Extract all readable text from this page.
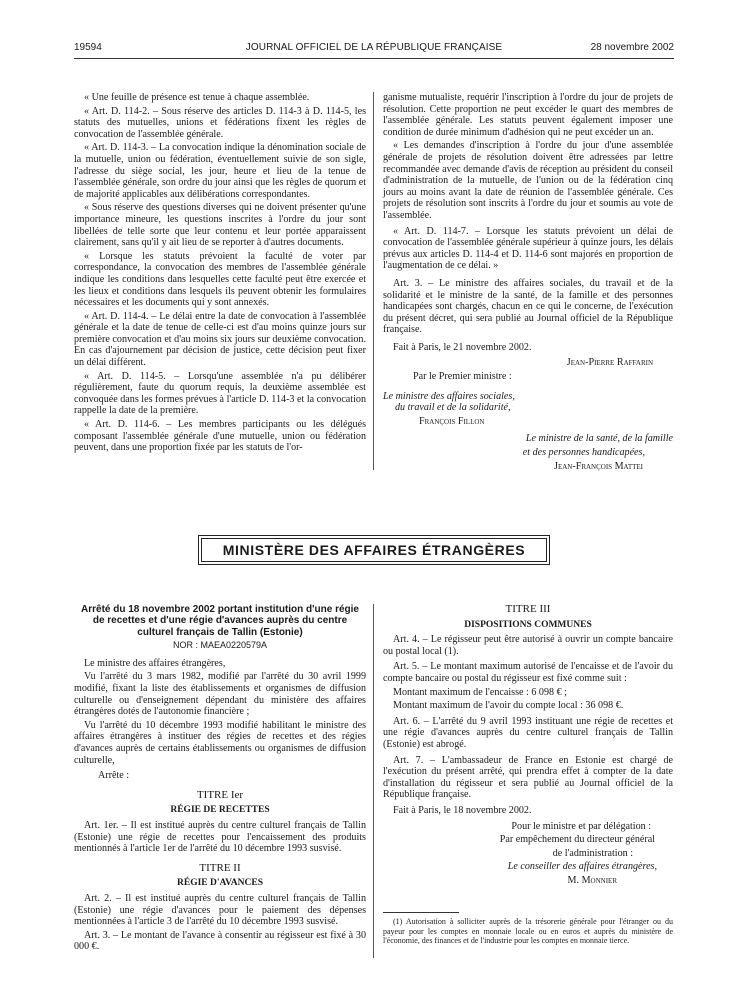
19594	JOURNAL OFFICIEL DE LA RÉPUBLIQUE FRANÇAISE	28 novembre 2002

« Une feuille de présence est tenue à chaque assemblée.

« Art. D. 114-2. – Sous réserve des articles D. 114-3 à D. 114-5, les statuts des mutuelles, unions et fédérations fixent les règles de convocation de l'assemblée générale.

« Art. D. 114-3. – La convocation indique la dénomination sociale de la mutuelle, union ou fédération, éventuellement suivie de son sigle, l'adresse du siège social, les jour, heure et lieu de la tenue de l'assemblée générale, son ordre du jour ainsi que les règles de quorum et de majorité applicables aux délibérations correspondantes.

« Sous réserve des questions diverses qui ne doivent présenter qu'une importance mineure, les questions inscrites à l'ordre du jour sont libellées de telle sorte que leur contenu et leur portée apparaissent clairement, sans qu'il y ait lieu de se reporter à d'autres documents.

« Lorsque les statuts prévoient la faculté de voter par correspondance, la convocation des membres de l'assemblée générale indique les conditions dans lesquelles cette faculté peut être exercée et les lieux et conditions dans lesquels ils peuvent obtenir les formulaires nécessaires et les documents qui y sont annexés.

« Art. D. 114-4. – Le délai entre la date de convocation à l'assemblée générale et la date de tenue de celle-ci est d'au moins quinze jours sur première convocation et d'au moins six jours sur deuxième convocation. En cas d'ajournement par décision de justice, cette décision peut fixer un délai différent.

« Art. D. 114-5. – Lorsqu'une assemblée n'a pu délibérer régulièrement, faute du quorum requis, la deuxième assemblée est convoquée dans les formes prévues à l'article D. 114-3 et la convocation rappelle la date de la première.

« Art. D. 114-6. – Les membres participants ou les délégués composant l'assemblée générale d'une mutuelle, union ou fédération peuvent, dans une proportion fixée par les statuts de l'or-

ganisme mutualiste, requérir l'inscription à l'ordre du jour de projets de résolution. Cette proportion ne peut excéder le quart des membres de l'assemblée générale. Les statuts peuvent également imposer une condition de durée minimum d'adhésion qui ne peut excéder un an.

« Les demandes d'inscription à l'ordre du jour d'une assemblée générale de projets de résolution doivent être adressées par lettre recommandée avec demande d'avis de réception au président du conseil d'administration de la mutuelle, de l'union ou de la fédération cinq jours au moins avant la date de réunion de l'assemblée générale. Ces projets de résolution sont inscrits à l'ordre du jour et soumis au vote de l'assemblée.

« Art. D. 114-7. – Lorsque les statuts prévoient un délai de convocation de l'assemblée générale supérieur à quinze jours, les délais prévus aux articles D. 114-4 et D. 114-6 sont majorés en proportion de l'augmentation de ce délai. »

Art. 3. – Le ministre des affaires sociales, du travail et de la solidarité et le ministre de la santé, de la famille et des personnes handicapées sont chargés, chacun en ce qui le concerne, de l'exécution du présent décret, qui sera publié au Journal officiel de la République française.

Fait à Paris, le 21 novembre 2002.

Jean-Pierre Raffarin

Par le Premier ministre :

Le ministre des affaires sociales,

du travail et de la solidarité,

François Fillon

Le ministre de la santé, de la famille

et des personnes handicapées,

Jean-François Mattei

MINISTÈRE DES AFFAIRES ÉTRANGÈRES

Arrêté du 18 novembre 2002 portant institution d'une régie de recettes et d'une régie d'avances auprès du centre culturel français de Tallin (Estonie)

NOR : MAEA0220579A

Le ministre des affaires étrangères,

Vu l'arrêté du 3 mars 1982, modifié par l'arrêté du 30 avril 1999 modifié, fixant la liste des établissements et organismes de diffusion culturelle ou d'enseignement dépendant du ministère des affaires étrangères dotés de l'autonomie financière ;

Vu l'arrêté du 10 décembre 1993 modifié habilitant le ministre des affaires étrangères à instituer des régies de recettes et des régies d'avances auprès de certains établissements ou organismes de diffusion culturelle,

Arrête :

TITRE Ier

RÉGIE DE RECETTES

Art. 1er. – Il est institué auprès du centre culturel français de Tallin (Estonie) une régie de recettes pour l'encaissement des produits mentionnés à l'article 1er de l'arrêté du 10 décembre 1993 susvisé.

TITRE II

RÉGIE D'AVANCES

Art. 2. – Il est institué auprès du centre culturel français de Tallin (Estonie) une régie d'avances pour le paiement des dépenses mentionnées à l'article 3 de l'arrêté du 10 décembre 1993 susvisé.

Art. 3. – Le montant de l'avance à consentir au régisseur est fixé à 30 000 €.

TITRE III

DISPOSITIONS COMMUNES

Art. 4. – Le régisseur peut être autorisé à ouvrir un compte bancaire ou postal local (1).

Art. 5. – Le montant maximum autorisé de l'encaisse et de l'avoir du compte bancaire ou postal du régisseur est fixé comme suit :

Montant maximum de l'encaisse : 6 098 € ;

Montant maximum de l'avoir du compte local : 36 098 €.

Art. 6. – L'arrêté du 9 avril 1993 instituant une régie de recettes et une régie d'avances auprès du centre culturel français de Tallin (Estonie) est abrogé.

Art. 7. – L'ambassadeur de France en Estonie est chargé de l'exécution du présent arrêté, qui prendra effet à compter de la date d'installation du régisseur et sera publié au Journal officiel de la République française.

Fait à Paris, le 18 novembre 2002.

Pour le ministre et par délégation :

Par empêchement du directeur général

de l'administration :

Le conseiller des affaires étrangères,

M. Monnier

(1) Autorisation à solliciter auprès de la trésorerie générale pour l'étranger ou du payeur pour les comptes en monnaie locale ou en euros et auprès du ministère de l'économie, des finances et de l'industrie pour les comptes en monnaie tierce.
